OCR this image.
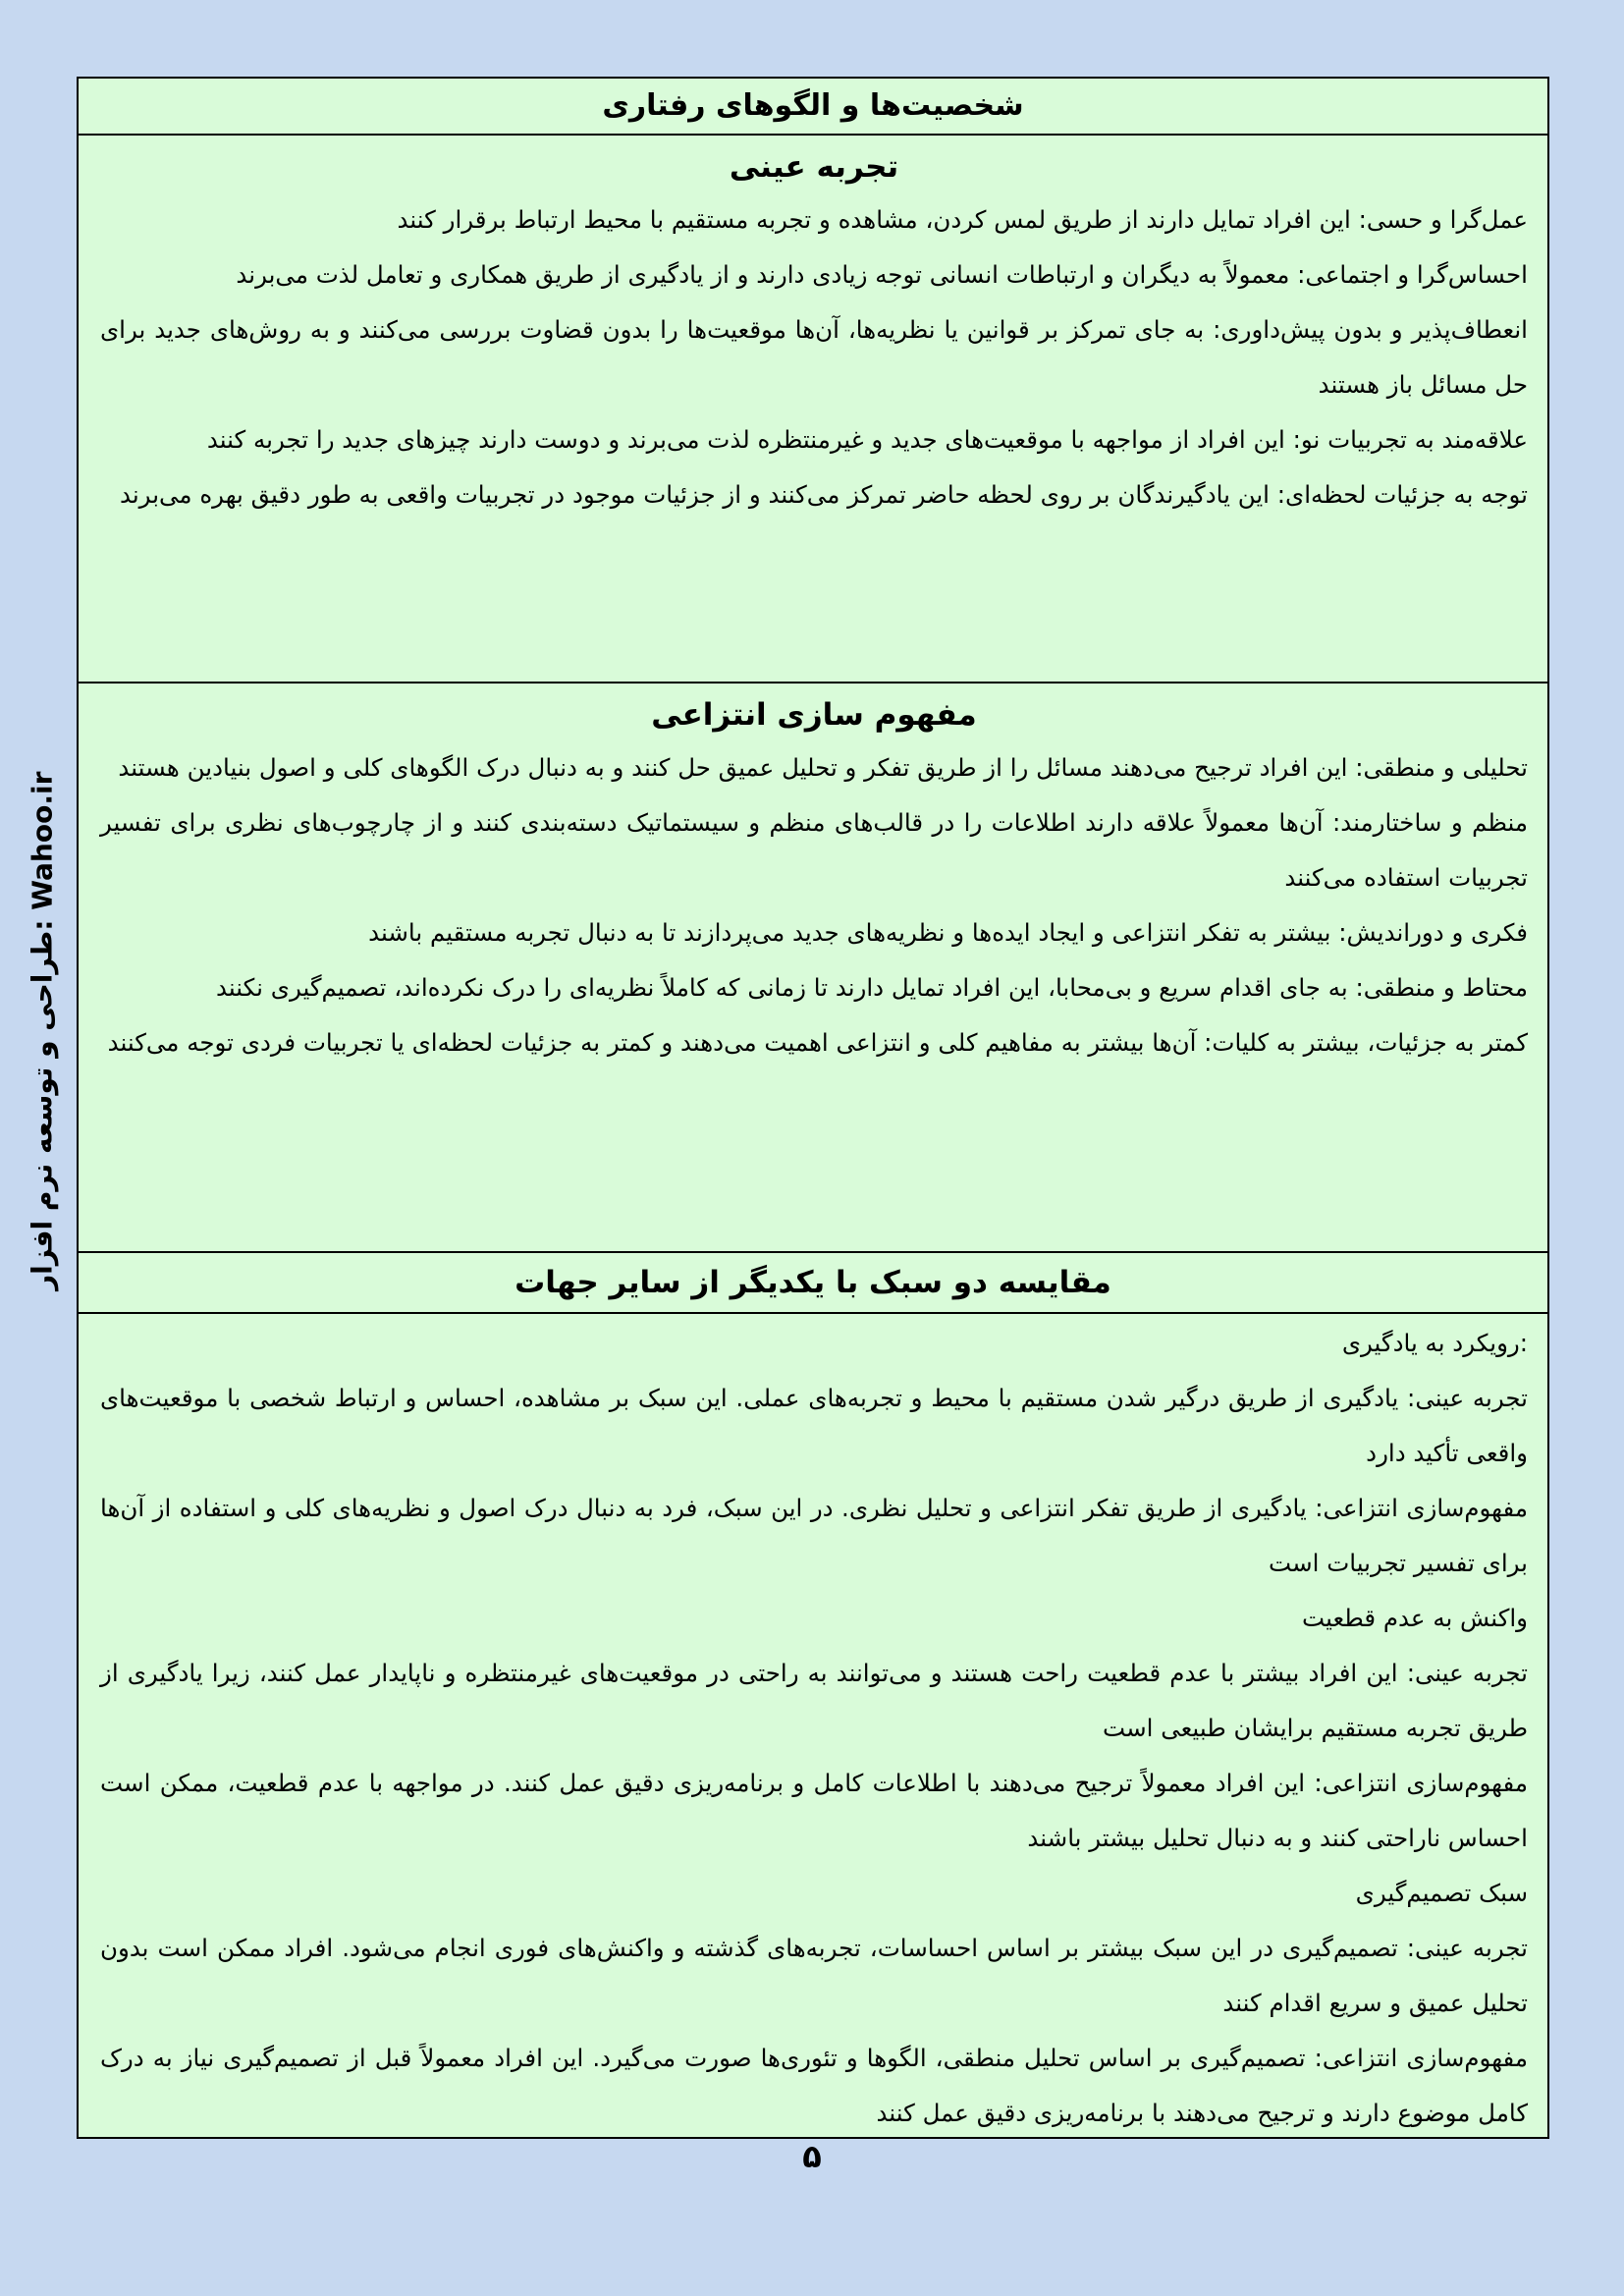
طراحی و توسعه نرم افزار: Wahoo.ir
شخصیت‌ها و الگوهای رفتاری
تجربه عینی

عمل‌گرا و حسی: این افراد تمایل دارند از طریق لمس کردن، مشاهده و تجربه مستقیم با محیط ارتباط برقرار کنند

احساس‌گرا و اجتماعی: معمولاً به دیگران و ارتباطات انسانی توجه زیادی دارند و از یادگیری از طریق همکاری و تعامل لذت می‌برند

انعطاف‌پذیر و بدون پیش‌داوری: به جای تمرکز بر قوانین یا نظریه‌ها، آن‌ها موقعیت‌ها را بدون قضاوت بررسی می‌کنند و به روش‌های جدید برای حل مسائل باز هستند

علاقه‌مند به تجربیات نو: این افراد از مواجهه با موقعیت‌های جدید و غیرمنتظره لذت می‌برند و دوست دارند چیزهای جدید را تجربه کنند

توجه به جزئیات لحظه‌ای: این یادگیرندگان بر روی لحظه حاضر تمرکز می‌کنند و از جزئیات موجود در تجربیات واقعی به طور دقیق بهره می‌برند

مفهوم سازی انتزاعی

تحلیلی و منطقی: این افراد ترجیح می‌دهند مسائل را از طریق تفکر و تحلیل عمیق حل کنند و به دنبال درک الگوهای کلی و اصول بنیادین هستند

منظم و ساختارمند: آن‌ها معمولاً علاقه دارند اطلاعات را در قالب‌های منظم و سیستماتیک دسته‌بندی کنند و از چارچوب‌های نظری برای تفسیر تجربیات استفاده می‌کنند

فکری و دوراندیش: بیشتر به تفکر انتزاعی و ایجاد ایده‌ها و نظریه‌های جدید می‌پردازند تا به دنبال تجربه مستقیم باشند

محتاط و منطقی: به جای اقدام سریع و بی‌محابا، این افراد تمایل دارند تا زمانی که کاملاً نظریه‌ای را درک نکرده‌اند، تصمیم‌گیری نکنند

کمتر به جزئیات، بیشتر به کلیات: آن‌ها بیشتر به مفاهیم کلی و انتزاعی اهمیت می‌دهند و کمتر به جزئیات لحظه‌ای یا تجربیات فردی توجه می‌کنند

مقایسه دو سبک با یکدیگر از سایر جهات

:رویکرد به یادگیری

تجربه عینی: یادگیری از طریق درگیر شدن مستقیم با محیط و تجربه‌های عملی. این سبک بر مشاهده، احساس و ارتباط شخصی با موقعیت‌های واقعی تأکید دارد

مفهوم‌سازی انتزاعی: یادگیری از طریق تفکر انتزاعی و تحلیل نظری. در این سبک، فرد به دنبال درک اصول و نظریه‌های کلی و استفاده از آن‌ها برای تفسیر تجربیات است

واکنش به عدم قطعیت

تجربه عینی: این افراد بیشتر با عدم قطعیت راحت هستند و می‌توانند به راحتی در موقعیت‌های غیرمنتظره و ناپایدار عمل کنند، زیرا یادگیری از طریق تجربه مستقیم برایشان طبیعی است

مفهوم‌سازی انتزاعی: این افراد معمولاً ترجیح می‌دهند با اطلاعات کامل و برنامه‌ریزی دقیق عمل کنند. در مواجهه با عدم قطعیت، ممکن است احساس ناراحتی کنند و به دنبال تحلیل بیشتر باشند

سبک تصمیم‌گیری

تجربه عینی: تصمیم‌گیری در این سبک بیشتر بر اساس احساسات، تجربه‌های گذشته و واکنش‌های فوری انجام می‌شود. افراد ممکن است بدون تحلیل عمیق و سریع اقدام کنند

مفهوم‌سازی انتزاعی: تصمیم‌گیری بر اساس تحلیل منطقی، الگوها و تئوری‌ها صورت می‌گیرد. این افراد معمولاً قبل از تصمیم‌گیری نیاز به درک کامل موضوع دارند و ترجیح می‌دهند با برنامه‌ریزی دقیق عمل کنند

۵
